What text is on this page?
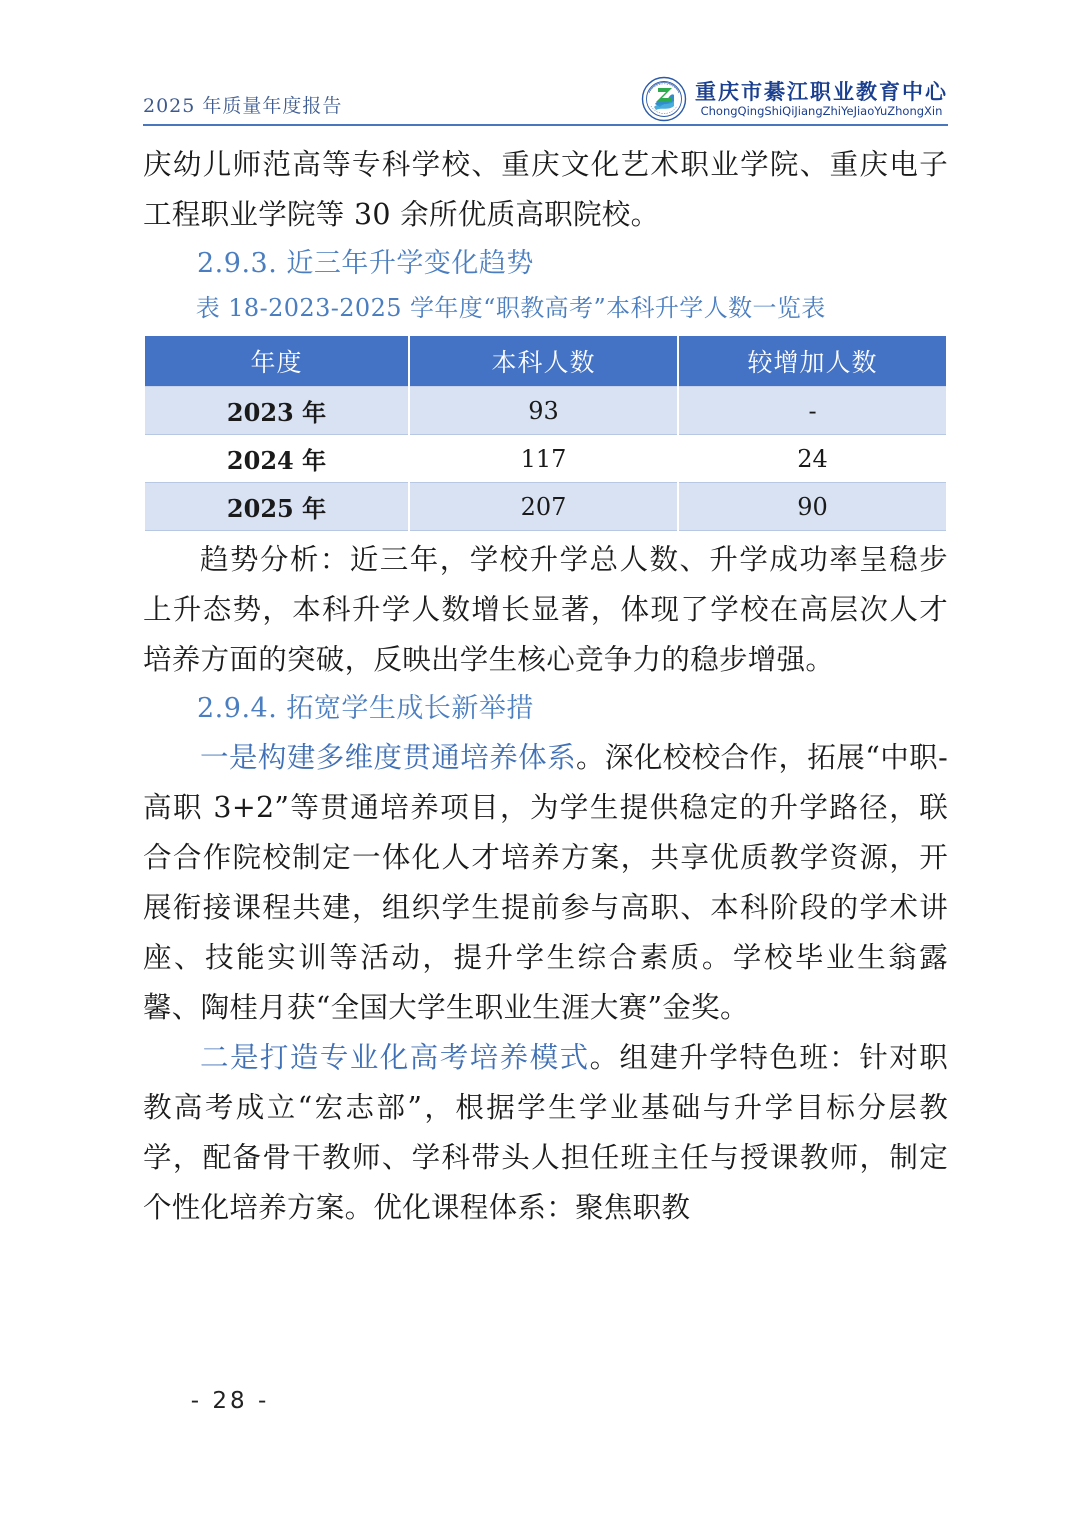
2025 年质量年度报告
重庆市綦江职业教育中心
ChongQingShiQiJiangZhiYeJiaoYuZhongXin

庆幼儿师范高等专科学校、重庆文化艺术职业学院、重庆电子工程职业学院等 30 余所优质高职院校。

2.9.3. 近三年升学变化趋势

表 18-2023-2025 学年度“职教高考”本科升学人数一览表

年度	本科人数	较增加人数
2023 年	93	-
2024 年	117	24
2025 年	207	90

趋势分析：近三年，学校升学总人数、升学成功率呈稳步上升态势，本科升学人数增长显著，体现了学校在高层次人才培养方面的突破，反映出学生核心竞争力的稳步增强。

2.9.4. 拓宽学生成长新举措

一是构建多维度贯通培养体系。深化校校合作，拓展“中职-高职 3+2”等贯通培养项目，为学生提供稳定的升学路径，联合合作院校制定一体化人才培养方案，共享优质教学资源，开展衔接课程共建，组织学生提前参与高职、本科阶段的学术讲座、技能实训等活动，提升学生综合素质。学校毕业生翁露馨、陶桂月获“全国大学生职业生涯大赛”金奖。

二是打造专业化高考培养模式。组建升学特色班：针对职教高考成立“宏志部”，根据学生学业基础与升学目标分层教学，配备骨干教师、学科带头人担任班主任与授课教师，制定个性化培养方案。优化课程体系：聚焦职教

- 28 -
